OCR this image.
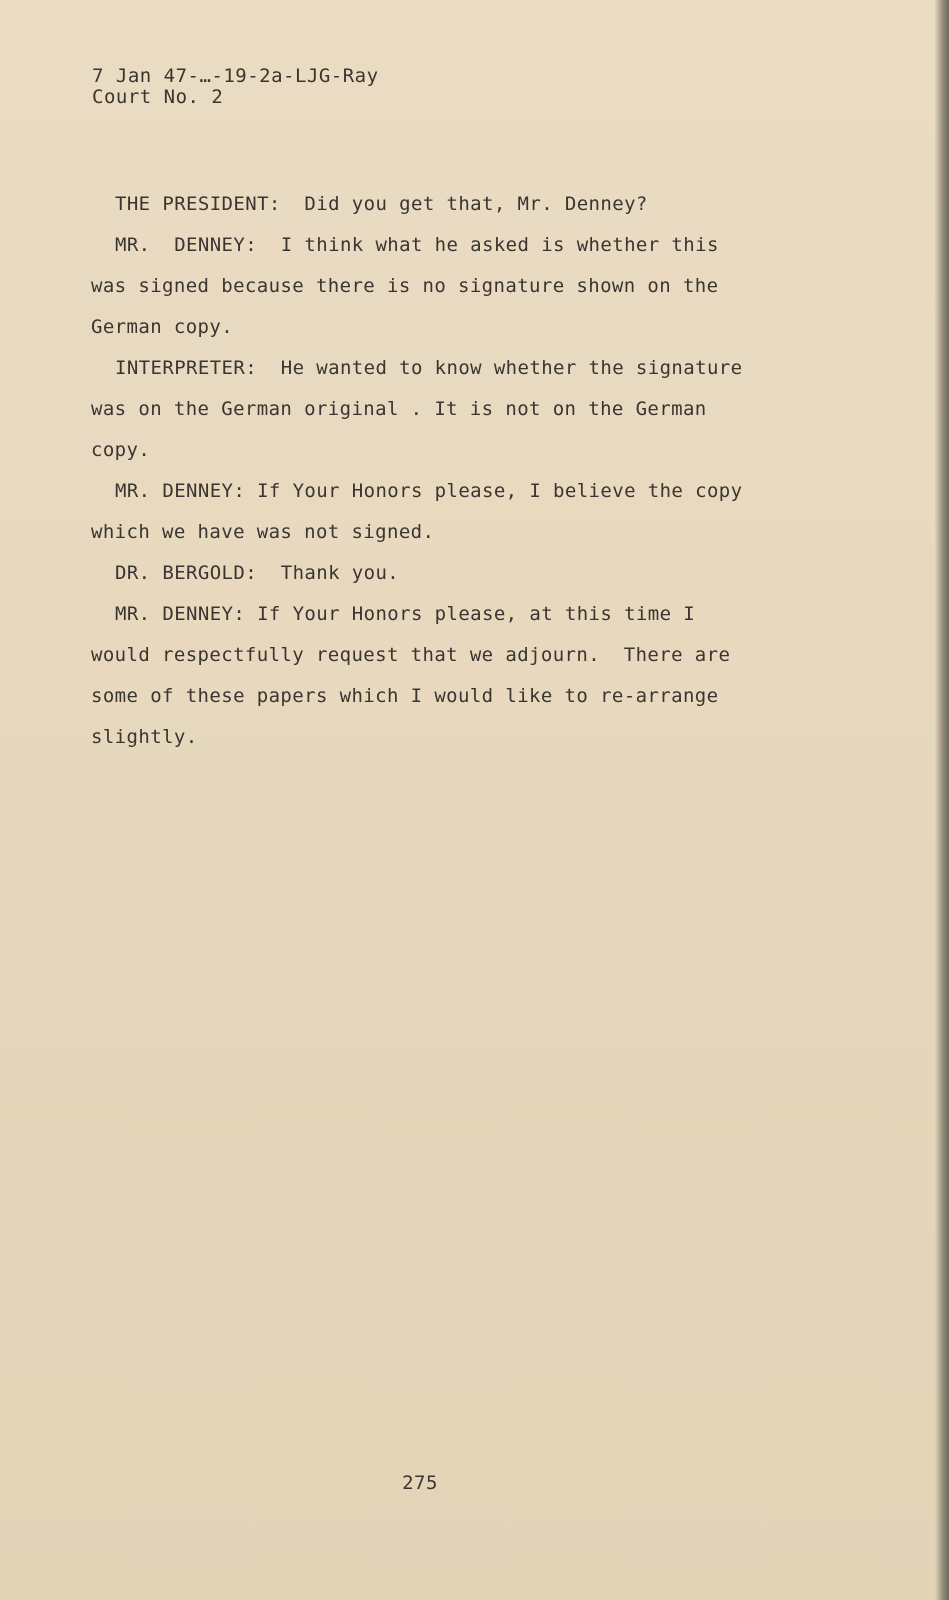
7 Jan 47-…-19-2a-LJG-Ray
Court No. 2
THE PRESIDENT:  Did you get that, Mr. Denney?
MR.  DENNEY:  I think what he asked is whether this
was signed because there is no signature shown on the
German copy.
INTERPRETER:  He wanted to know whether the signature
was on the German original . It is not on the German
copy.
MR. DENNEY: If Your Honors please, I believe the copy
which we have was not signed.
DR. BERGOLD:  Thank you.
MR. DENNEY: If Your Honors please, at this time I
would respectfully request that we adjourn.  There are
some of these papers which I would like to re-arrange
slightly.
275
